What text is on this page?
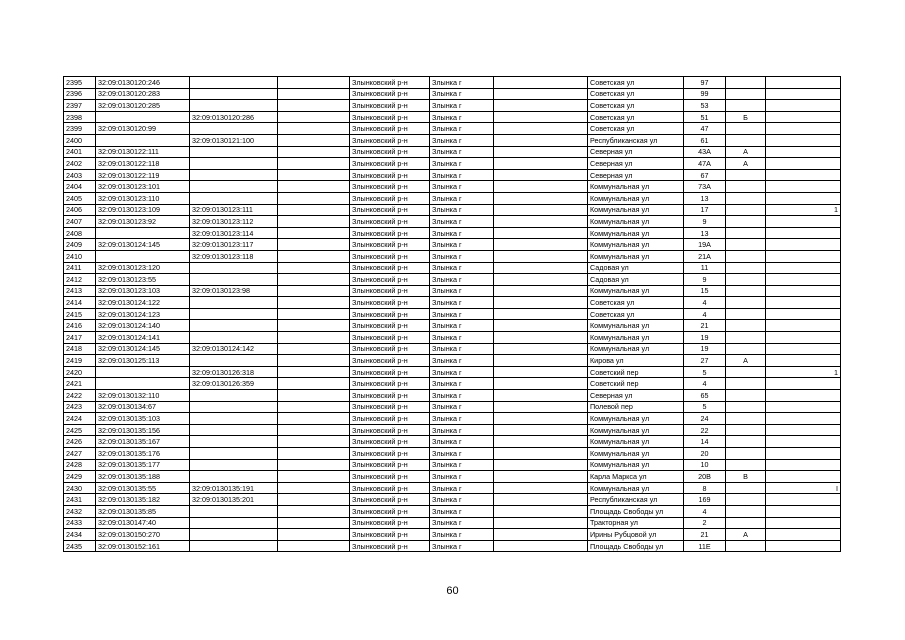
2395	32:09:0130120:246			Злынковский р-н	Злынка г		Советская ул	97		
2396	32:09:0130120:283			Злынковский р-н	Злынка г		Советская ул	99		
2397	32:09:0130120:285			Злынковский р-н	Злынка г		Советская ул	53		
2398		32:09:0130120:286		Злынковский р-н	Злынка г		Советская ул	51	Б	
2399	32:09:0130120:99			Злынковский р-н	Злынка г		Советская ул	47		
2400		32:09:0130121:100		Злынковский р-н	Злынка г		Республиканская ул	61		
2401	32:09:0130122:111			Злынковский р-н	Злынка г		Северная ул	43А	А	
2402	32:09:0130122:118			Злынковский р-н	Злынка г		Северная ул	47А	А	
2403	32:09:0130122:119			Злынковский р-н	Злынка г		Северная ул	67		
2404	32:09:0130123:101			Злынковский р-н	Злынка г		Коммунальная ул	73А		
2405	32:09:0130123:110			Злынковский р-н	Злынка г		Коммунальная ул	13		
2406	32:09:0130123:109	32:09:0130123:111		Злынковский р-н	Злынка г		Коммунальная ул	17		1
2407	32:09:0130123:92	32:09:0130123:112		Злынковский р-н	Злынка г		Коммунальная ул	9		
2408		32:09:0130123:114		Злынковский р-н	Злынка г		Коммунальная ул	13		
2409	32:09:0130124:145	32:09:0130123:117		Злынковский р-н	Злынка г		Коммунальная ул	19А		
2410		32:09:0130123:118		Злынковский р-н	Злынка г		Коммунальная ул	21А		
2411	32:09:0130123:120			Злынковский р-н	Злынка г		Садовая ул	11		
2412	32:09:0130123:55			Злынковский р-н	Злынка г		Садовая ул	9		
2413	32:09:0130123:103	32:09:0130123:98		Злынковский р-н	Злынка г		Коммунальная ул	15		
2414	32:09:0130124:122			Злынковский р-н	Злынка г		Советская ул	4		
2415	32:09:0130124:123			Злынковский р-н	Злынка г		Советская ул	4		
2416	32:09:0130124:140			Злынковский р-н	Злынка г		Коммунальная ул	21		
2417	32:09:0130124:141			Злынковский р-н	Злынка г		Коммунальная ул	19		
2418	32:09:0130124:145	32:09:0130124:142		Злынковский р-н	Злынка г		Коммунальная ул	19		
2419	32:09:0130125:113			Злынковский р-н	Злынка г		Кирова ул	27	А	
2420		32:09:0130126:318		Злынковский р-н	Злынка г		Советский пер	5		1
2421		32:09:0130126:359		Злынковский р-н	Злынка г		Советский пер	4		
2422	32:09:0130132:110			Злынковский р-н	Злынка г		Северная ул	65		
2423	32:09:0130134:67			Злынковский р-н	Злынка г		Полевой пер	5		
2424	32:09:0130135:103			Злынковский р-н	Злынка г		Коммунальная ул	24		
2425	32:09:0130135:156			Злынковский р-н	Злынка г		Коммунальная ул	22		
2426	32:09:0130135:167			Злынковский р-н	Злынка г		Коммунальная ул	14		
2427	32:09:0130135:176			Злынковский р-н	Злынка г		Коммунальная ул	20		
2428	32:09:0130135:177			Злынковский р-н	Злынка г		Коммунальная ул	10		
2429	32:09:0130135:188			Злынковский р-н	Злынка г		Карла Маркса ул	20В	В	
2430	32:09:0130135:55	32:09:0130135:191		Злынковский р-н	Злынка г		Коммунальная ул	8		I
2431	32:09:0130135:182	32:09:0130135:201		Злынковский р-н	Злынка г		Республиканская ул	169		
2432	32:09:0130135:85			Злынковский р-н	Злынка г		Площадь Свободы ул	4		
2433	32:09:0130147:40			Злынковский р-н	Злынка г		Тракторная ул	2		
2434	32:09:0130150:270			Злынковский р-н	Злынка г		Ирины Рубцовой ул	21	А	
2435	32:09:0130152:161			Злынковский р-н	Злынка г		Площадь Свободы ул	11Е		
60
